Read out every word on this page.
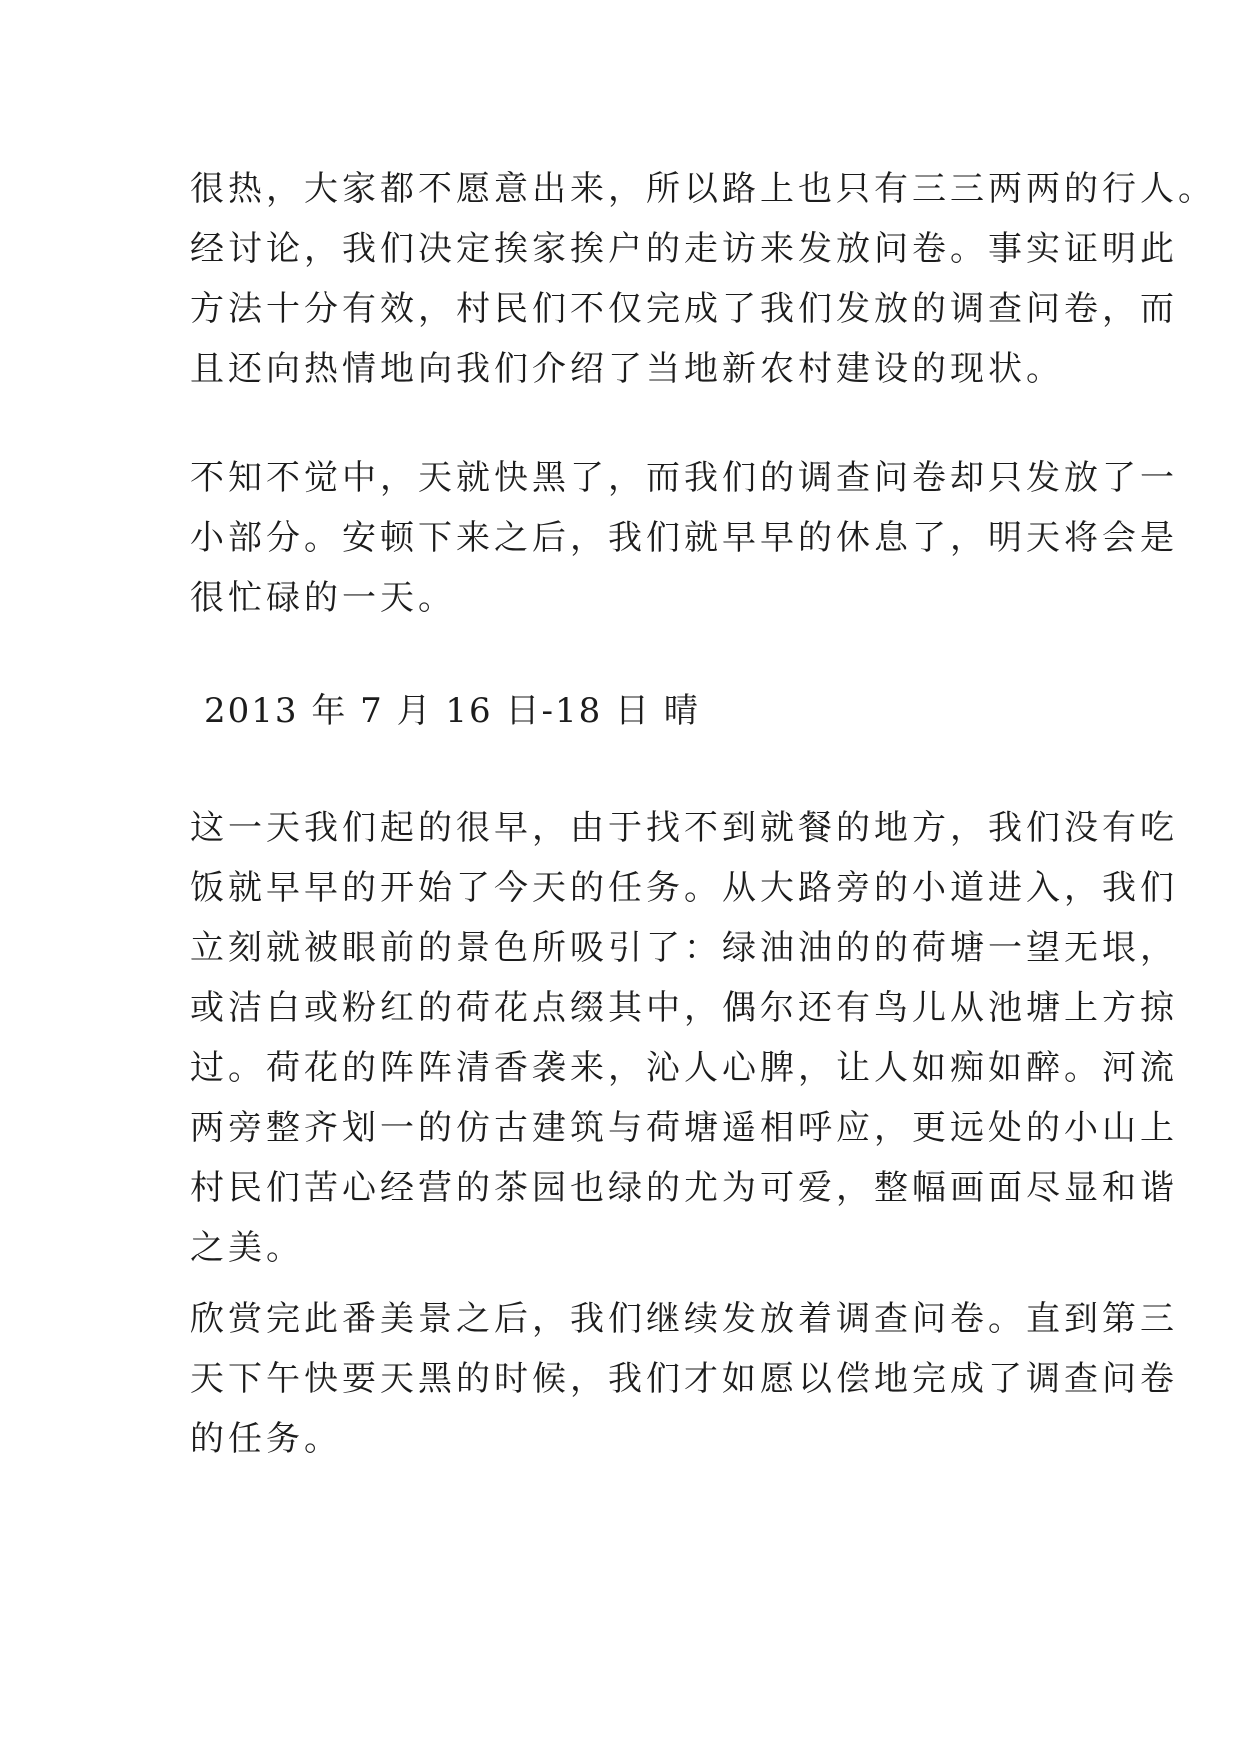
很热，大家都不愿意出来，所以路上也只有三三两两的行人。
经讨论，我们决定挨家挨户的走访来发放问卷。事实证明此
方法十分有效，村民们不仅完成了我们发放的调查问卷，而
且还向热情地向我们介绍了当地新农村建设的现状。
不知不觉中，天就快黑了，而我们的调查问卷却只发放了一
小部分。安顿下来之后，我们就早早的休息了，明天将会是
很忙碌的一天。
2013 年 7 月 16 日-18 日 晴
这一天我们起的很早，由于找不到就餐的地方，我们没有吃
饭就早早的开始了今天的任务。从大路旁的小道进入，我们
立刻就被眼前的景色所吸引了：绿油油的的荷塘一望无垠，
或洁白或粉红的荷花点缀其中，偶尔还有鸟儿从池塘上方掠
过。荷花的阵阵清香袭来，沁人心脾，让人如痴如醉。河流
两旁整齐划一的仿古建筑与荷塘遥相呼应，更远处的小山上
村民们苦心经营的茶园也绿的尤为可爱，整幅画面尽显和谐
之美。
欣赏完此番美景之后，我们继续发放着调查问卷。直到第三
天下午快要天黑的时候，我们才如愿以偿地完成了调查问卷
的任务。
